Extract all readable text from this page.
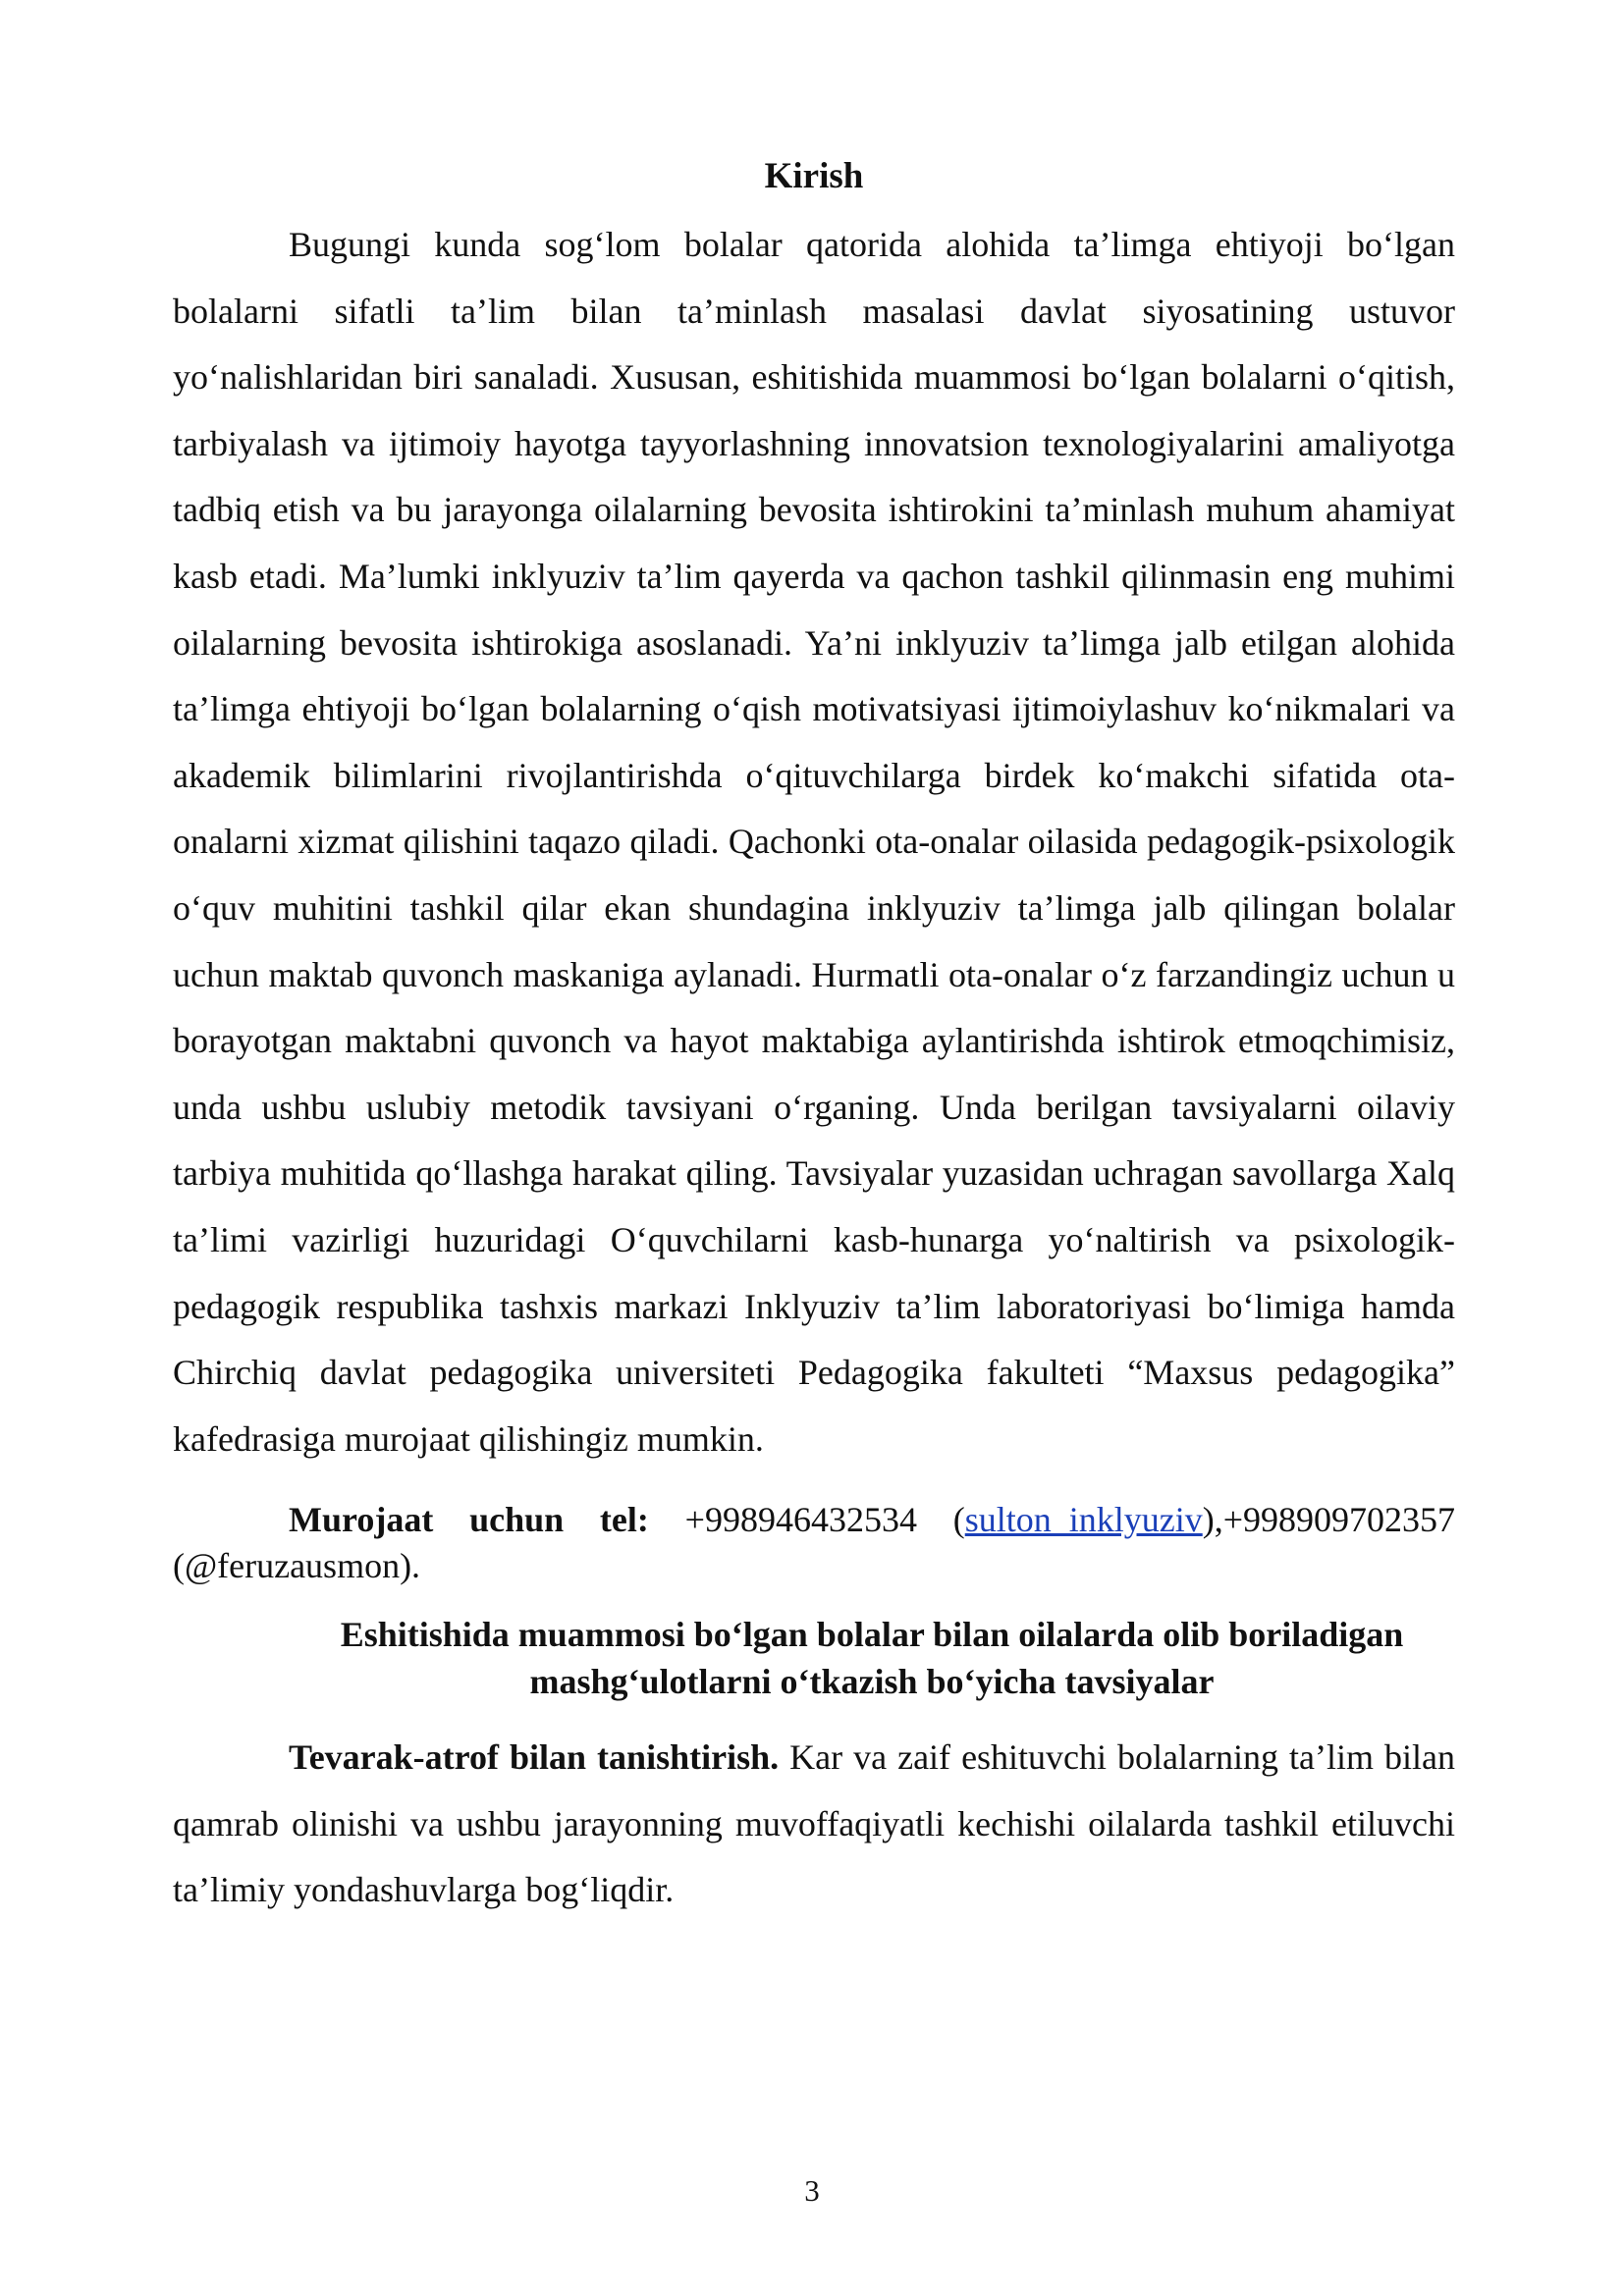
Kirish

Bugungi kunda sog‘lom bolalar qatorida alohida ta’limga ehtiyoji bo‘lgan bolalarni sifatli ta’lim bilan ta’minlash masalasi davlat siyosatining ustuvor yo‘nalishlaridan biri sanaladi. Xususan, eshitishida muammosi bo‘lgan bolalarni o‘qitish, tarbiyalash va ijtimoiy hayotga tayyorlashning innovatsion texnologiyalarini amaliyotga tadbiq etish va bu jarayonga oilalarning bevosita ishtirokini ta’minlash muhum ahamiyat kasb etadi. Ma’lumki inklyuziv ta’lim qayerda va qachon tashkil qilinmasin eng muhimi oilalarning bevosita ishtirokiga asoslanadi. Ya’ni inklyuziv ta’limga jalb etilgan alohida ta’limga ehtiyoji bo‘lgan bolalarning o‘qish motivatsiyasi ijtimoiylashuv ko‘nikmalari va akademik bilimlarini rivojlantirishda o‘qituvchilarga birdek ko‘makchi sifatida ota-onalarni xizmat qilishini taqazo qiladi. Qachonki ota-onalar oilasida pedagogik-psixologik o‘quv muhitini tashkil qilar ekan shundagina inklyuziv ta’limga jalb qilingan bolalar uchun maktab quvonch maskaniga aylanadi. Hurmatli ota-onalar o‘z farzandingiz uchun u borayotgan maktabni quvonch va hayot maktabiga aylantirishda ishtirok etmoqchimisiz, unda ushbu uslubiy metodik tavsiyani o‘rganing. Unda berilgan tavsiyalarni oilaviy tarbiya muhitida qo‘llashga harakat qiling. Tavsiyalar yuzasidan uchragan savollarga Xalq ta’limi vazirligi huzuridagi O‘quvchilarni kasb-hunarga yo‘naltirish va psixologik-pedagogik respublika tashxis markazi Inklyuziv ta’lim laboratoriyasi bo‘limiga hamda Chirchiq davlat pedagogika universiteti Pedagogika fakulteti “Maxsus pedagogika” kafedrasiga murojaat qilishingiz mumkin.

Murojaat uchun tel: +998946432534 (sulton_inklyuziv),+998909702357 (@feruzausmon).

Eshitishida muammosi bo‘lgan bolalar bilan oilalarda olib boriladigan mashg‘ulotlarni o‘tkazish bo‘yicha tavsiyalar

Tevarak-atrof bilan tanishtirish. Kar va zaif eshituvchi bolalarning ta’lim bilan qamrab olinishi va ushbu jarayonning muvoffaqiyatli kechishi oilalarda tashkil etiluvchi ta’limiy yondashuvlarga bog‘liqdir.

3
